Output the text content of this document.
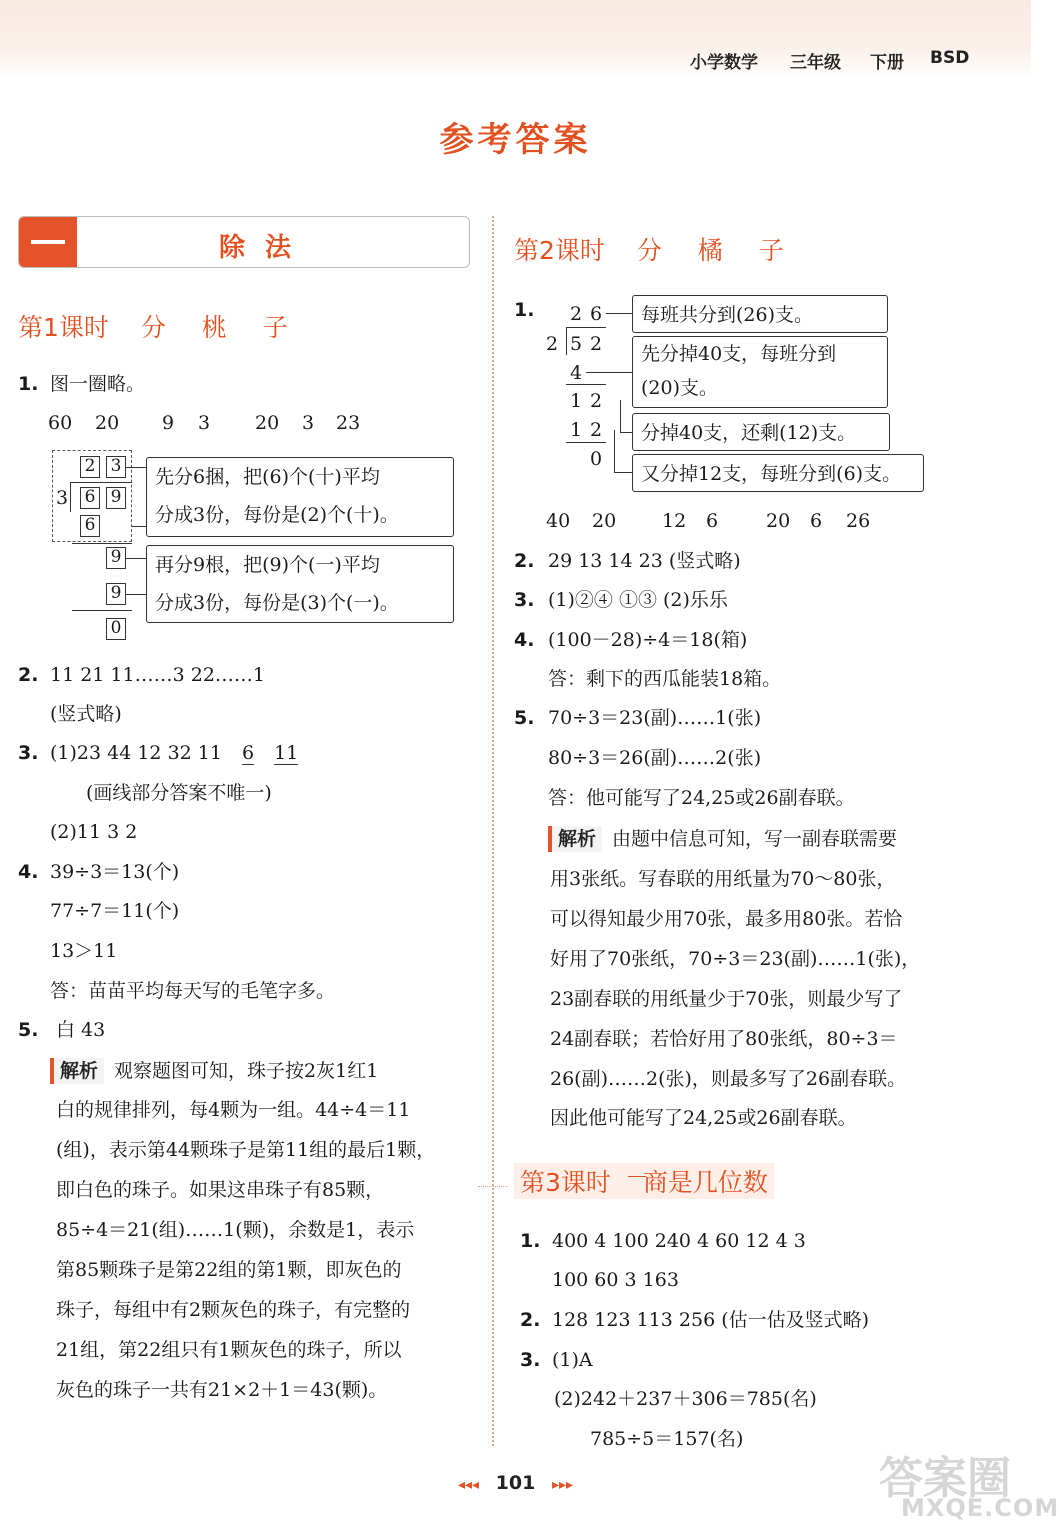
小学数学 三年级 下册 BSD
参考答案
除法
第1课时 分 桃 子
1. 图一圈略。
60 20 9 3 20 3 23
2 3
3 6 9
6
9
9
0
先分6捆，把(6)个(十)平均
分成3份，每份是(2)个(十)。
再分9根，把(9)个(一)平均
分成3份，每份是(3)个(一)。
2. 11 21 11……3 22……1
(竖式略)
3. (1)23 44 12 32 11 6 11
(画线部分答案不唯一)
(2)11 3 2
4. 39÷3＝13(个)
77÷7＝11(个)
13＞11
答：苗苗平均每天写的毛笔字多。
5. 白 43
解析 观察题图可知，珠子按2灰1红1
白的规律排列，每4颗为一组。44÷4＝11
(组)，表示第44颗珠子是第11组的最后1颗，
即白色的珠子。如果这串珠子有85颗，
85÷4＝21(组)……1(颗)，余数是1，表示
第85颗珠子是第22组的第1颗，即灰色的
珠子，每组中有2颗灰色的珠子，有完整的
21组，第22组只有1颗灰色的珠子，所以
灰色的珠子一共有21×2＋1＝43(颗)。
第2课时 分 橘 子
1. 2 6
2 5 2
4
1 2
1 2
0
每班共分到(26)支。
先分掉40支，每班分到
(20)支。
分掉40支，还剩(12)支。
又分掉12支，每班分到(6)支。
40 20 12 6	20 6 26
2. 29 13 14 23 (竖式略)
3. (1)②④ ①③ (2)乐乐
4. (100－28)÷4＝18(箱)
答：剩下的西瓜能装18箱。
5. 70÷3＝23(副)……1(张)
80÷3＝26(副)……2(张)
答：他可能写了24,25或26副春联。
解析 由题中信息可知，写一副春联需要
用3张纸。写春联的用纸量为70～80张，
可以得知最少用70张，最多用80张。若恰
好用了70张纸，70÷3＝23(副)……1(张)，
23副春联的用纸量少于70张，则最少写了
24副春联；若恰好用了80张纸，80÷3＝
26(副)……2(张)，则最多写了26副春联。
因此他可能写了24,25或26副春联。
第3课时 商是几位数
1. 400 4 100 240 4 60 12 4 3
100 60 3 163
2. 128 123 113 256 (估一估及竖式略)
3. (1)A
(2)242＋237＋306＝785(名)
785÷5＝157(名)
◂◂◂ 101 ▸▸▸	答案圈
MXQE.COM
